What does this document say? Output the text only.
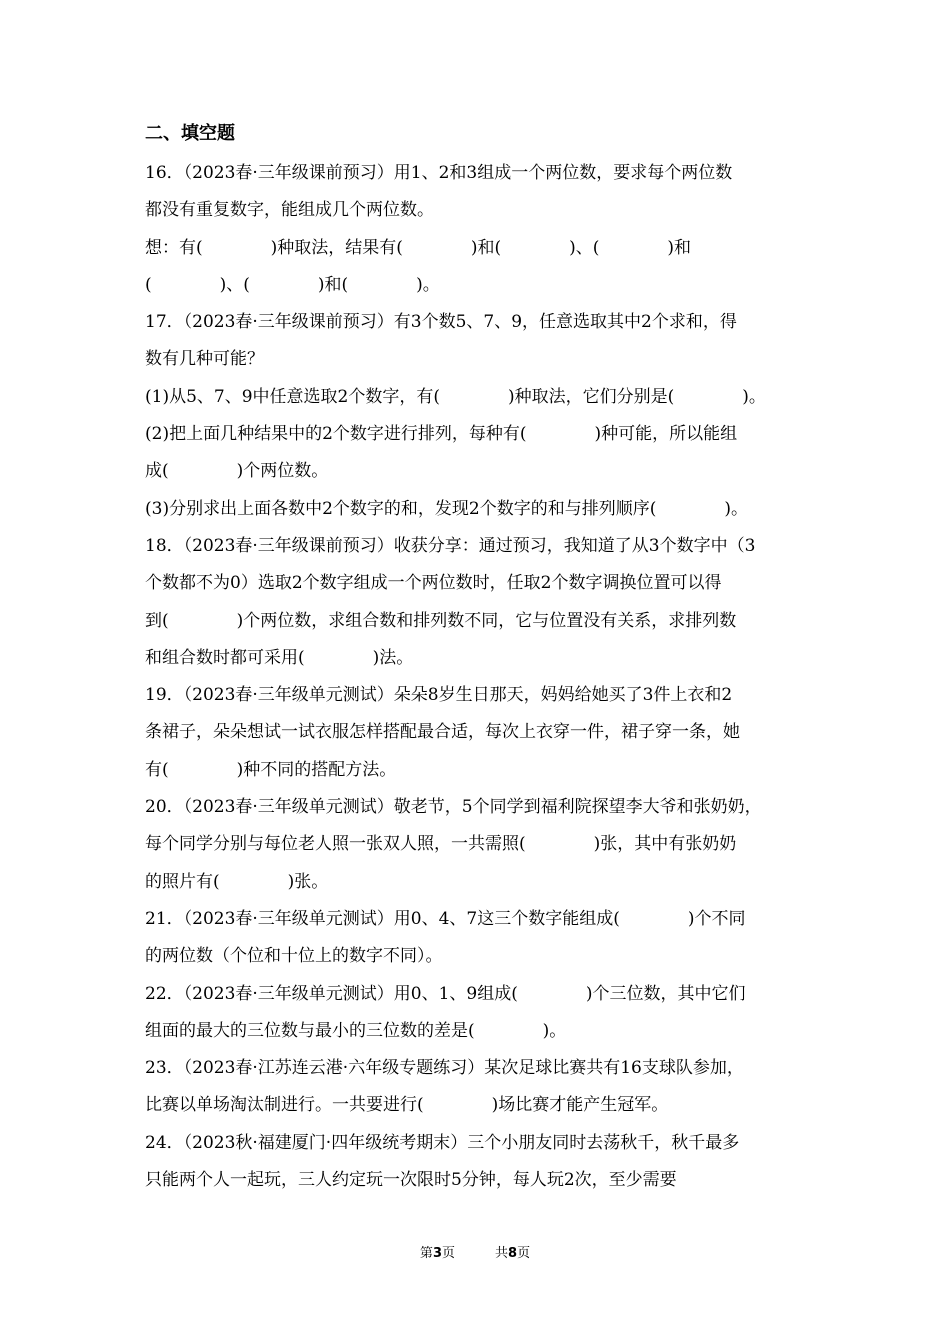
二、填空题

16．（2023春·三年级课前预习）用1、2和3组成一个两位数，要求每个两位数

都没有重复数字，能组成几个两位数。

想：有(　　　　)种取法，结果有(　　　　)和(　　　　)、(　　　　)和

(　　　　)、(　　　　)和(　　　　)。

17．（2023春·三年级课前预习）有3个数5、7、9，任意选取其中2个求和，得

数有几种可能？

(1)从5、7、9中任意选取2个数字，有(　　　　)种取法，它们分别是(　　　　)。

(2)把上面几种结果中的2个数字进行排列，每种有(　　　　)种可能，所以能组

成(　　　　)个两位数。

(3)分别求出上面各数中2个数字的和，发现2个数字的和与排列顺序(　　　　)。

18．（2023春·三年级课前预习）收获分享：通过预习，我知道了从3个数字中（3

个数都不为0）选取2个数字组成一个两位数时，任取2个数字调换位置可以得

到(　　　　)个两位数，求组合数和排列数不同，它与位置没有关系，求排列数

和组合数时都可采用(　　　　)法。

19．（2023春·三年级单元测试）朵朵8岁生日那天，妈妈给她买了3件上衣和2

条裙子，朵朵想试一试衣服怎样搭配最合适，每次上衣穿一件，裙子穿一条，她

有(　　　　)种不同的搭配方法。

20．（2023春·三年级单元测试）敬老节，5个同学到福利院探望李大爷和张奶奶，

每个同学分别与每位老人照一张双人照，一共需照(　　　　)张，其中有张奶奶

的照片有(　　　　)张。

21．（2023春·三年级单元测试）用0、4、7这三个数字能组成(　　　　)个不同

的两位数（个位和十位上的数字不同）。

22．（2023春·三年级单元测试）用0、1、9组成(　　　　)个三位数，其中它们

组面的最大的三位数与最小的三位数的差是(　　　　)。

23．（2023春·江苏连云港·六年级专题练习）某次足球比赛共有16支球队参加，

比赛以单场淘汰制进行。一共要进行(　　　　)场比赛才能产生冠军。

24．（2023秋·福建厦门·四年级统考期末）三个小朋友同时去荡秋千，秋千最多

只能两个人一起玩，三人约定玩一次限时5分钟，每人玩2次，至少需要

第3页	共8页
